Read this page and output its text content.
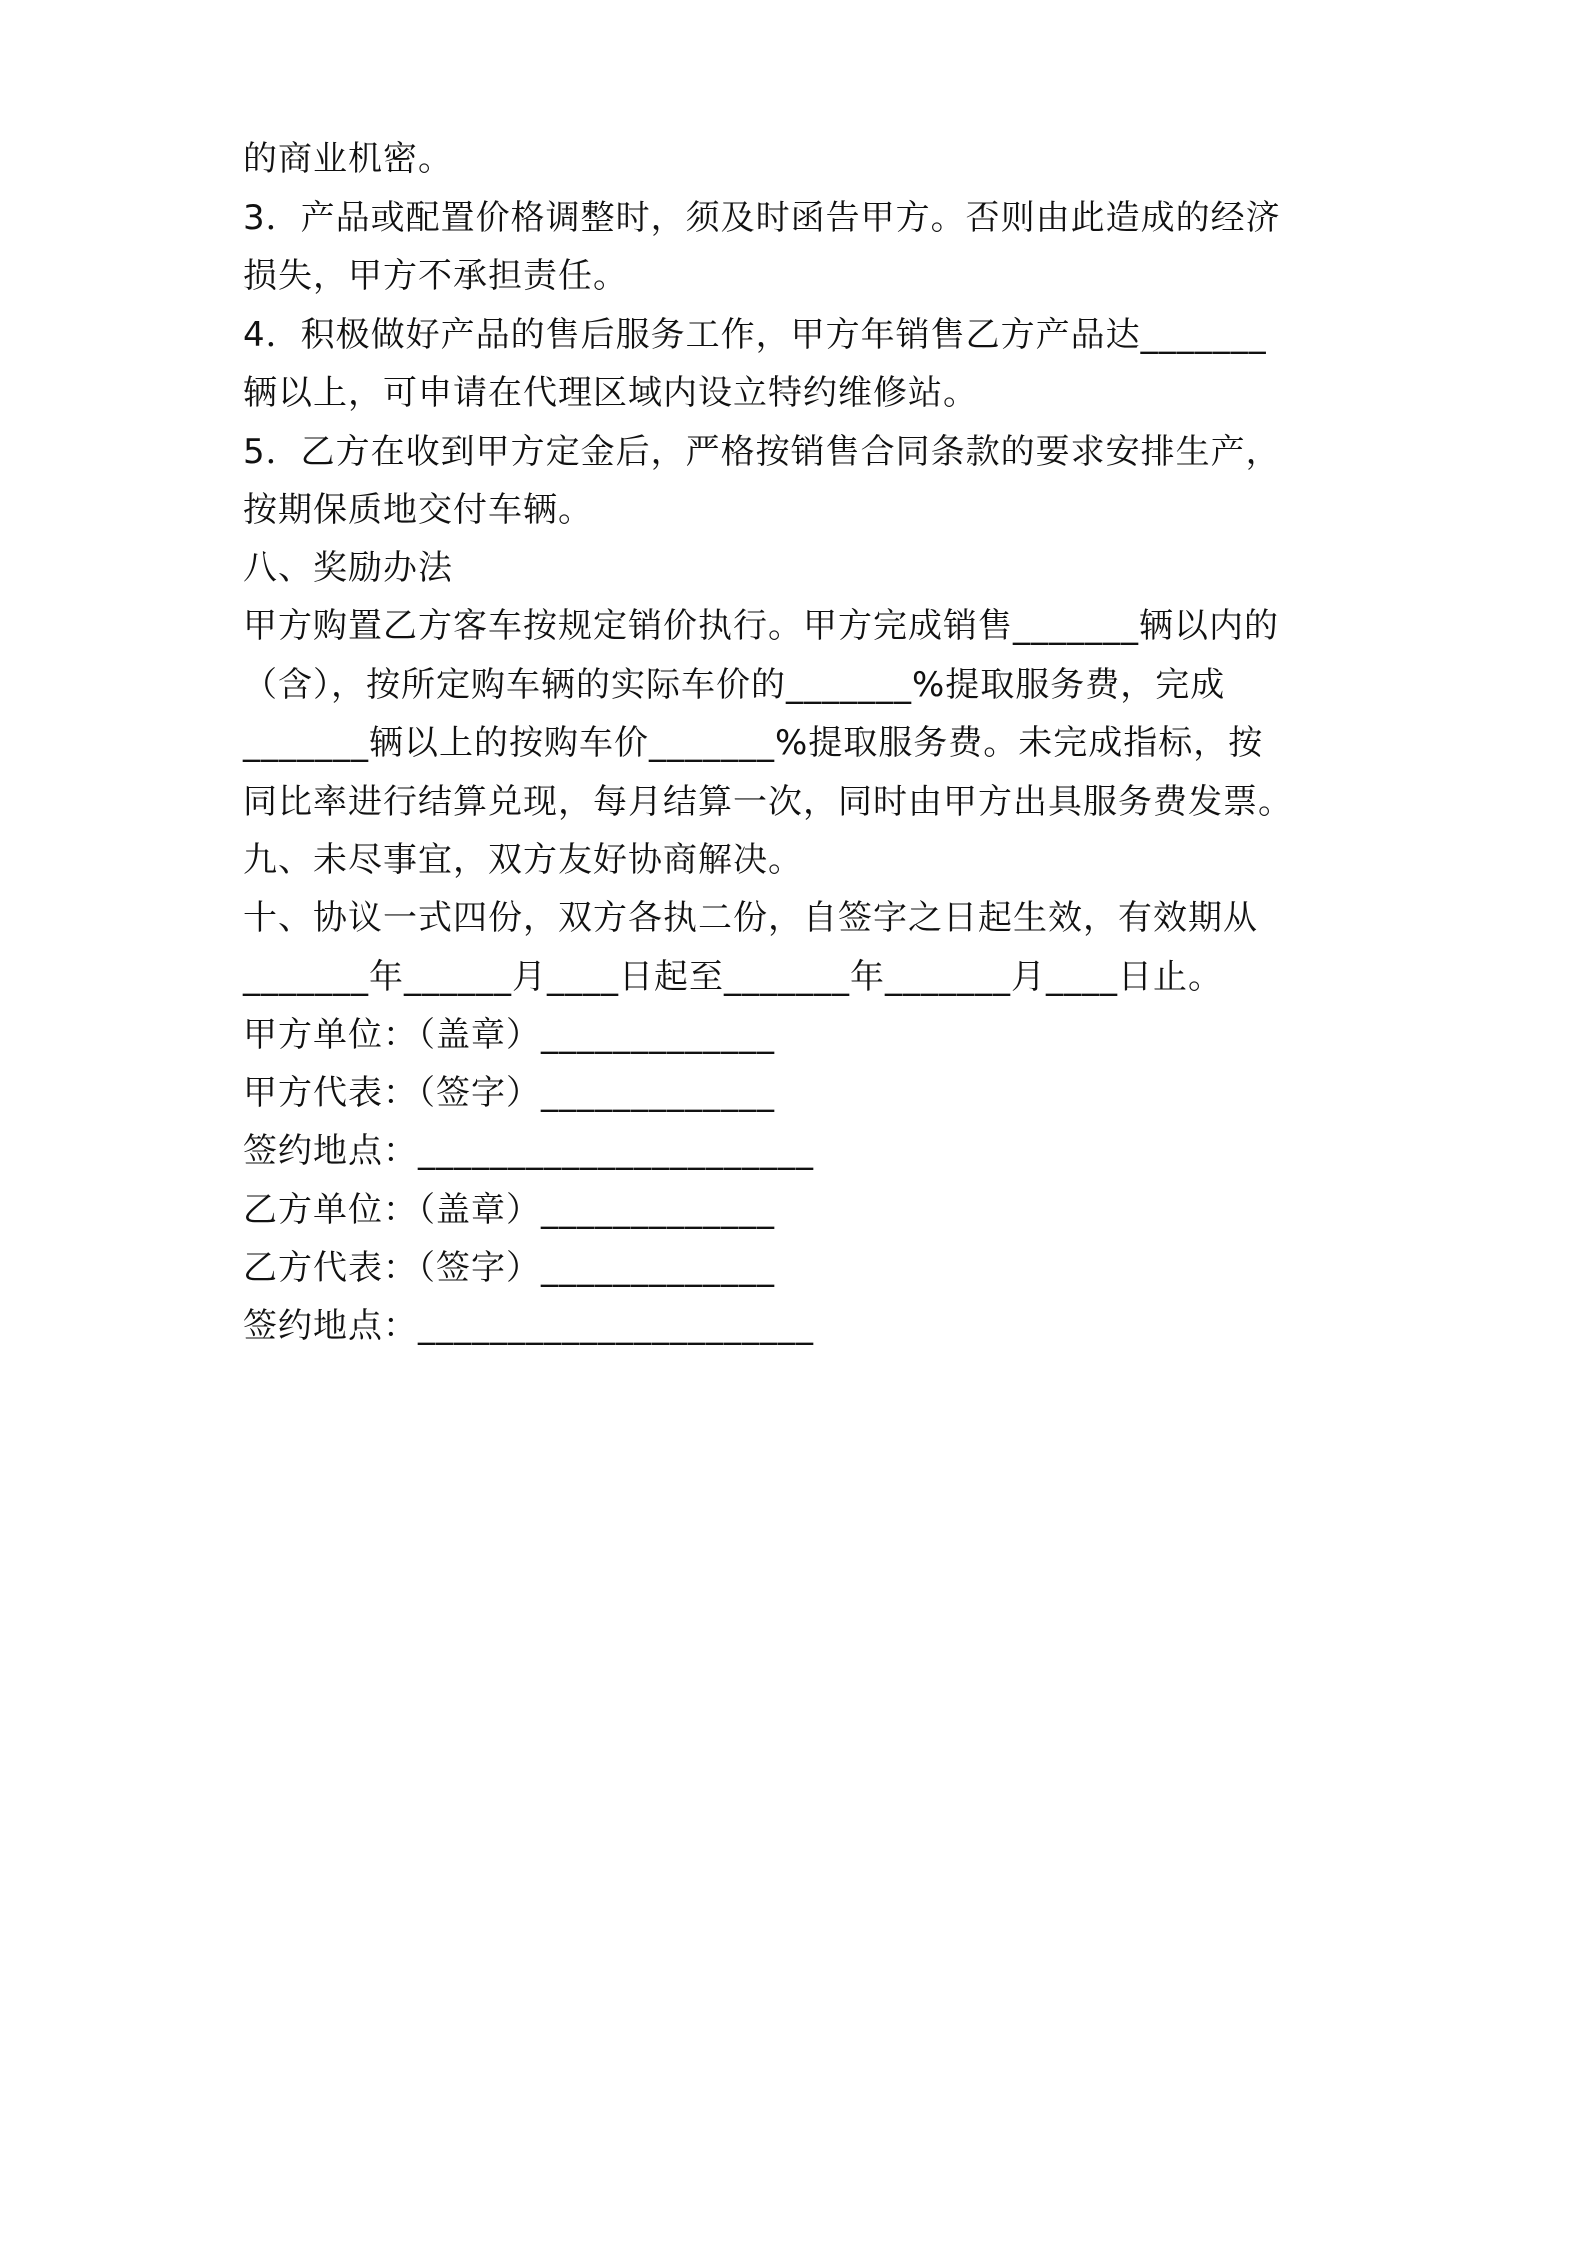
的商业机密。

3．产品或配置价格调整时，须及时函告甲方。否则由此造成的经济

损失，甲方不承担责任。

4．积极做好产品的售后服务工作，甲方年销售乙方产品达_______

辆以上，可申请在代理区域内设立特约维修站。

5．乙方在收到甲方定金后，严格按销售合同条款的要求安排生产，

按期保质地交付车辆。

八、奖励办法

甲方购置乙方客车按规定销价执行。甲方完成销售_______辆以内的

（含），按所定购车辆的实际车价的_______%提取服务费，完成

_______辆以上的按购车价_______%提取服务费。未完成指标，按

同比率进行结算兑现，每月结算一次，同时由甲方出具服务费发票。

九、未尽事宜，双方友好协商解决。

十、协议一式四份，双方各执二份，自签字之日起生效，有效期从

_______年______月____日起至_______年_______月____日止。

甲方单位：（盖章）_____________

甲方代表：（签字）_____________

签约地点：______________________

乙方单位：（盖章）_____________

乙方代表：（签字）_____________

签约地点：______________________
